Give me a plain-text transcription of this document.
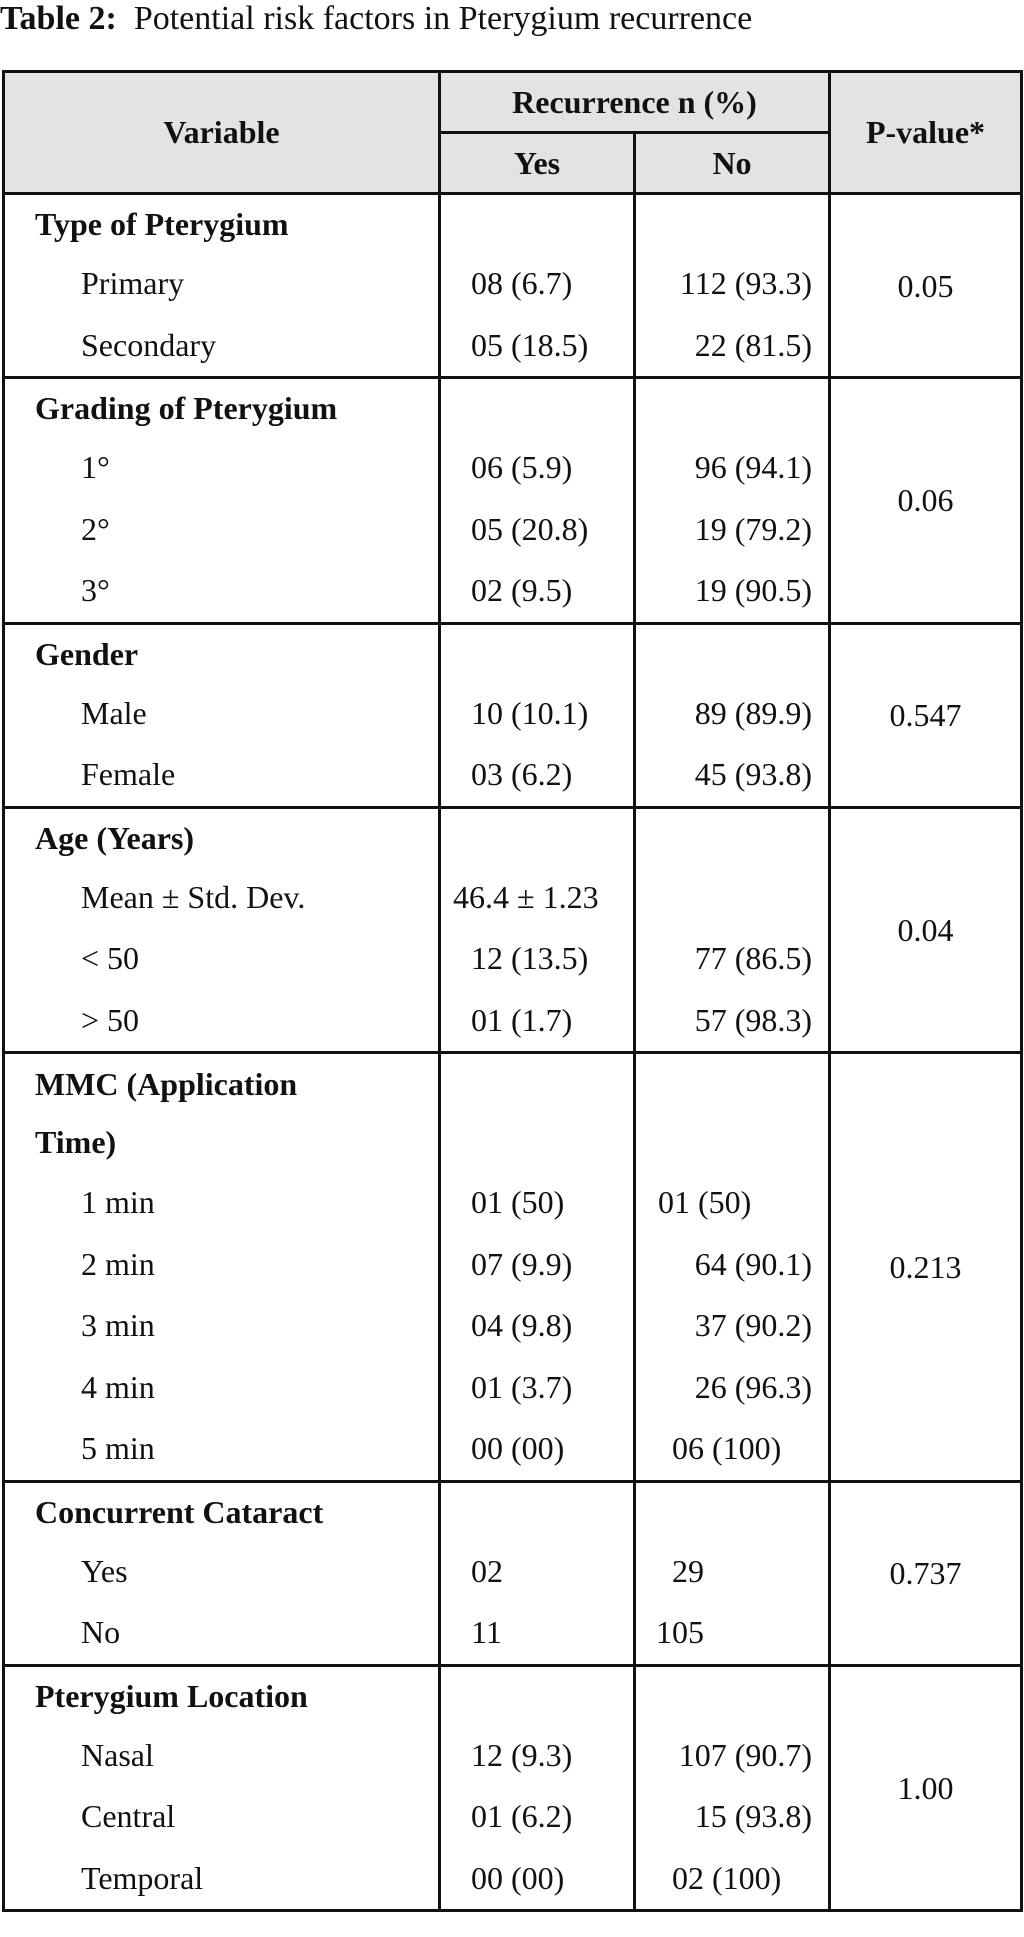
Table 2: Potential risk factors in Pterygium recurrence
Variable	Recurrence n (%)		P-value*
	Yes	No	
Type of Pterygium			0.05
Primary	08 (6.7)	112 (93.3)	
Secondary	05 (18.5)	22 (81.5)	
Grading of Pterygium			0.06
1°	06 (5.9)	96 (94.1)	
2°	05 (20.8)	19 (79.2)	
3°	02 (9.5)	19 (90.5)	
Gender			0.547
Male	10 (10.1)	89 (89.9)	
Female	03 (6.2)	45 (93.8)	
Age (Years)			0.04
Mean ± Std. Dev.	46.4 ± 1.23		
< 50	12 (13.5)	77 (86.5)	
> 50	01 (1.7)	57 (98.3)	
MMC (Application
Time)			0.213
1 min	01 (50)	01 (50)	
2 min	07 (9.9)	64 (90.1)	
3 min	04 (9.8)	37 (90.2)	
4 min	01 (3.7)	26 (96.3)	
5 min	00 (00)	06 (100)	
Concurrent Cataract			0.737
Yes	02	29	
No	11	105	
Pterygium Location			1.00
Nasal	12 (9.3)	107 (90.7)	
Central	01 (6.2)	15 (93.8)	
Temporal	00 (00)	02 (100)	
